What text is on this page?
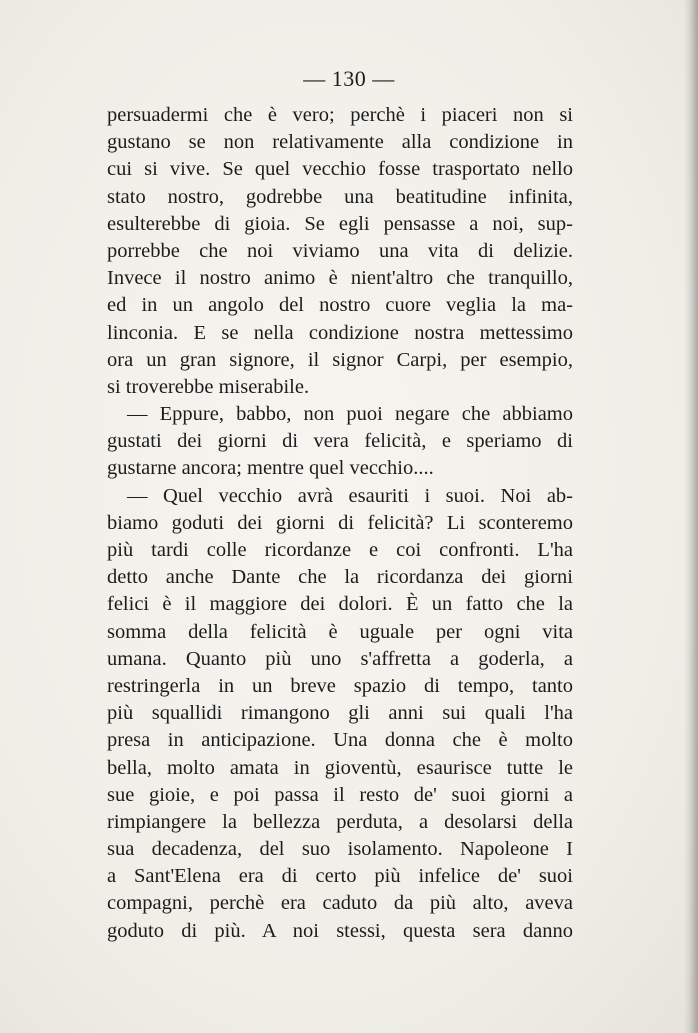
— 130 —
persuadermi che è vero; perchè i piaceri non si
gustano se non relativamente alla condizione in
cui si vive. Se quel vecchio fosse trasportato nello
stato nostro, godrebbe una beatitudine infinita,
esulterebbe di gioia. Se egli pensasse a noi, sup-
porrebbe che noi viviamo una vita di delizie.
Invece il nostro animo è nient'altro che tranquillo,
ed in un angolo del nostro cuore veglia la ma-
linconia. E se nella condizione nostra mettessimo
ora un gran signore, il signor Carpi, per esempio,
si troverebbe miserabile.
— Eppure, babbo, non puoi negare che abbiamo
gustati dei giorni di vera felicità, e speriamo di
gustarne ancora; mentre quel vecchio....
— Quel vecchio avrà esauriti i suoi. Noi ab-
biamo goduti dei giorni di felicità? Li sconteremo
più tardi colle ricordanze e coi confronti. L'ha
detto anche Dante che la ricordanza dei giorni
felici è il maggiore dei dolori. È un fatto che la
somma della felicità è uguale per ogni vita
umana. Quanto più uno s'affretta a goderla, a
restringerla in un breve spazio di tempo, tanto
più squallidi rimangono gli anni sui quali l'ha
presa in anticipazione. Una donna che è molto
bella, molto amata in gioventù, esaurisce tutte le
sue gioie, e poi passa il resto de' suoi giorni a
rimpiangere la bellezza perduta, a desolarsi della
sua decadenza, del suo isolamento. Napoleone I
a Sant'Elena era di certo più infelice de' suoi
compagni, perchè era caduto da più alto, aveva
goduto di più. A noi stessi, questa sera danno
